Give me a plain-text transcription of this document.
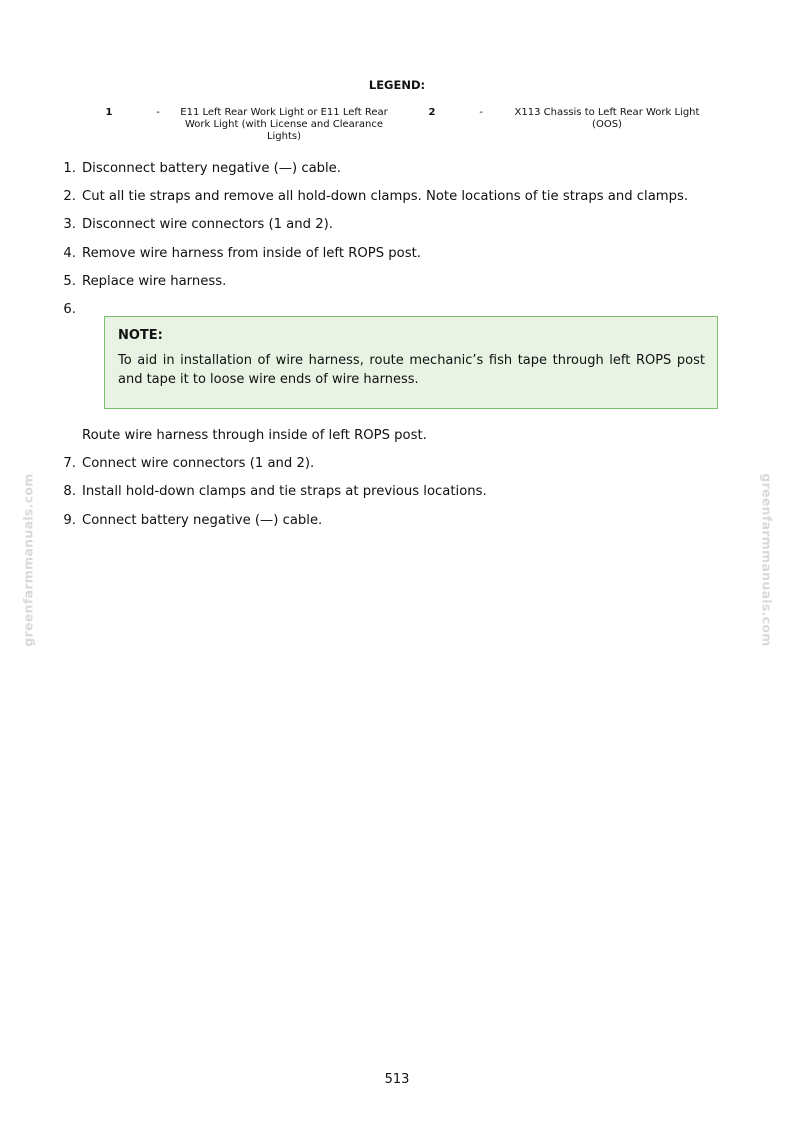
LEGEND:
1	-	E11 Left Rear Work Light or E11 Left Rear Work Light (with License and Clearance Lights)
2	-	X113 Chassis to Left Rear Work Light (OOS)
1. Disconnect battery negative (—) cable.
2. Cut all tie straps and remove all hold-down clamps. Note locations of tie straps and clamps.
3. Disconnect wire connectors (1 and 2).
4. Remove wire harness from inside of left ROPS post.
5. Replace wire harness.
6.
7. Connect wire connectors (1 and 2).
8. Install hold-down clamps and tie straps at previous locations.
9. Connect battery negative (—) cable.
NOTE:
To aid in installation of wire harness, route mechanic’s fish tape through left ROPS post and tape it to loose wire ends of wire harness.
Route wire harness through inside of left ROPS post.
greenfarmmanuals.com	greenfarmmanuals.com
513
